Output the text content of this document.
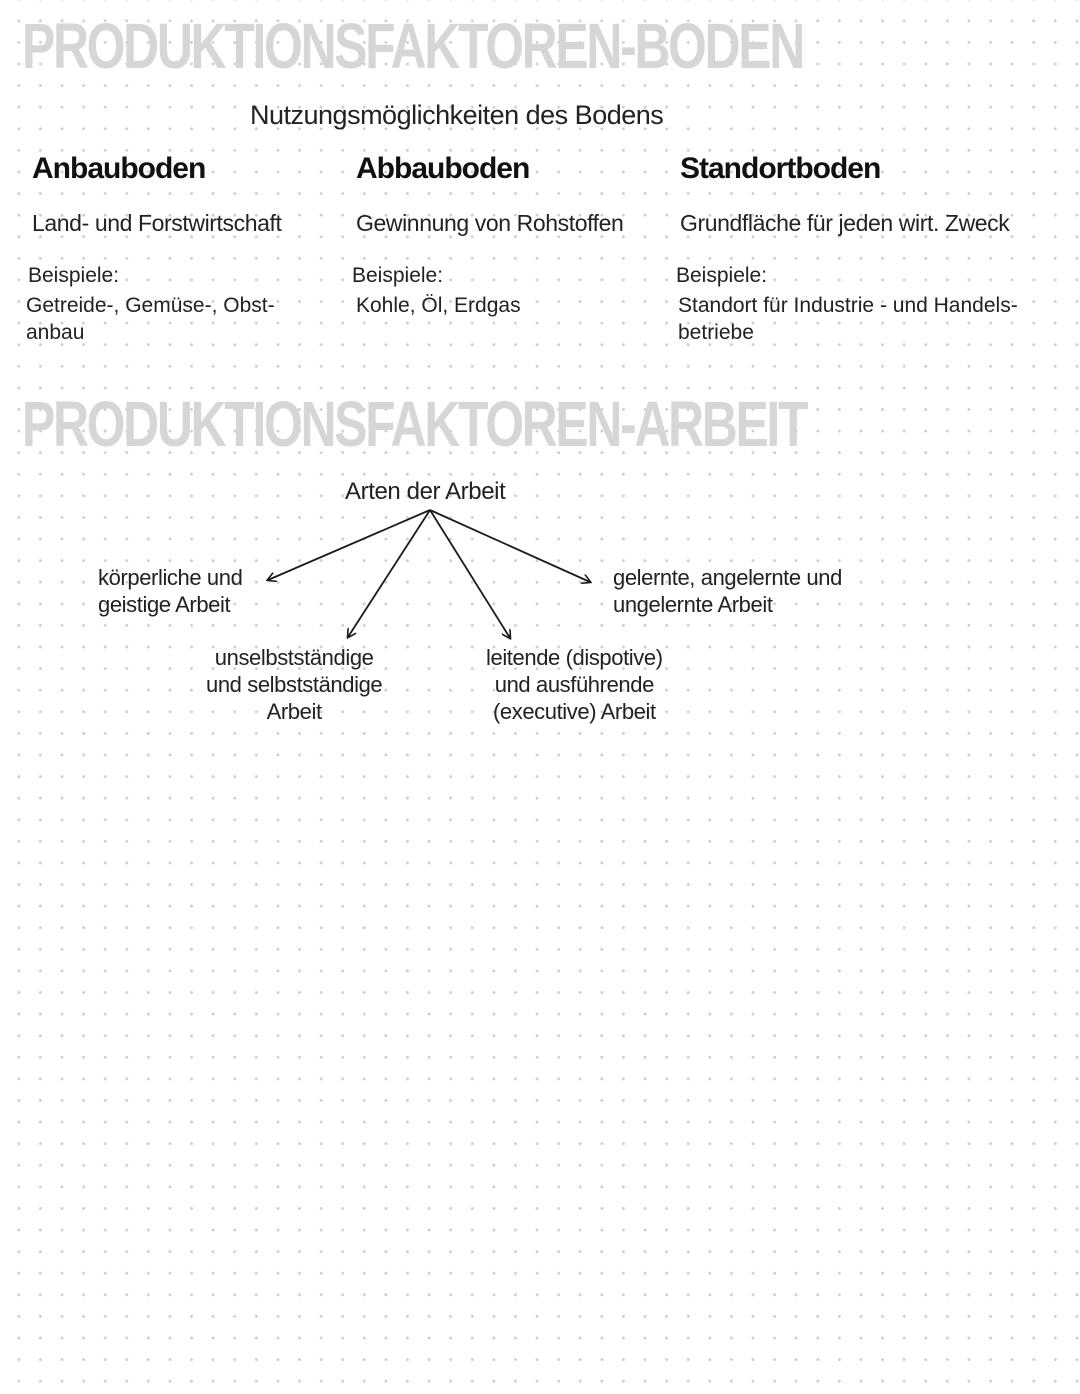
PRODUKTIONSFAKTOREN-BODEN
Nutzungsmöglichkeiten des Bodens
Anbauboden
Land- und Forstwirtschaft
Beispiele:
Getreide-, Gemüse-, Obst-
anbau
Abbauboden
Gewinnung von Rohstoffen
Beispiele:
Kohle, Öl, Erdgas
Standortboden
Grundfläche für jeden wirt. Zweck
Beispiele:
Standort für Industrie - und Handels-
betriebe
PRODUKTIONSFAKTOREN-ARBEIT
Arten der Arbeit
körperliche und
geistige Arbeit
unselbstständige
und selbstständige
Arbeit
leitende (dispotive)
und ausführende
(executive) Arbeit
gelernte, angelernte und
ungelernte Arbeit
